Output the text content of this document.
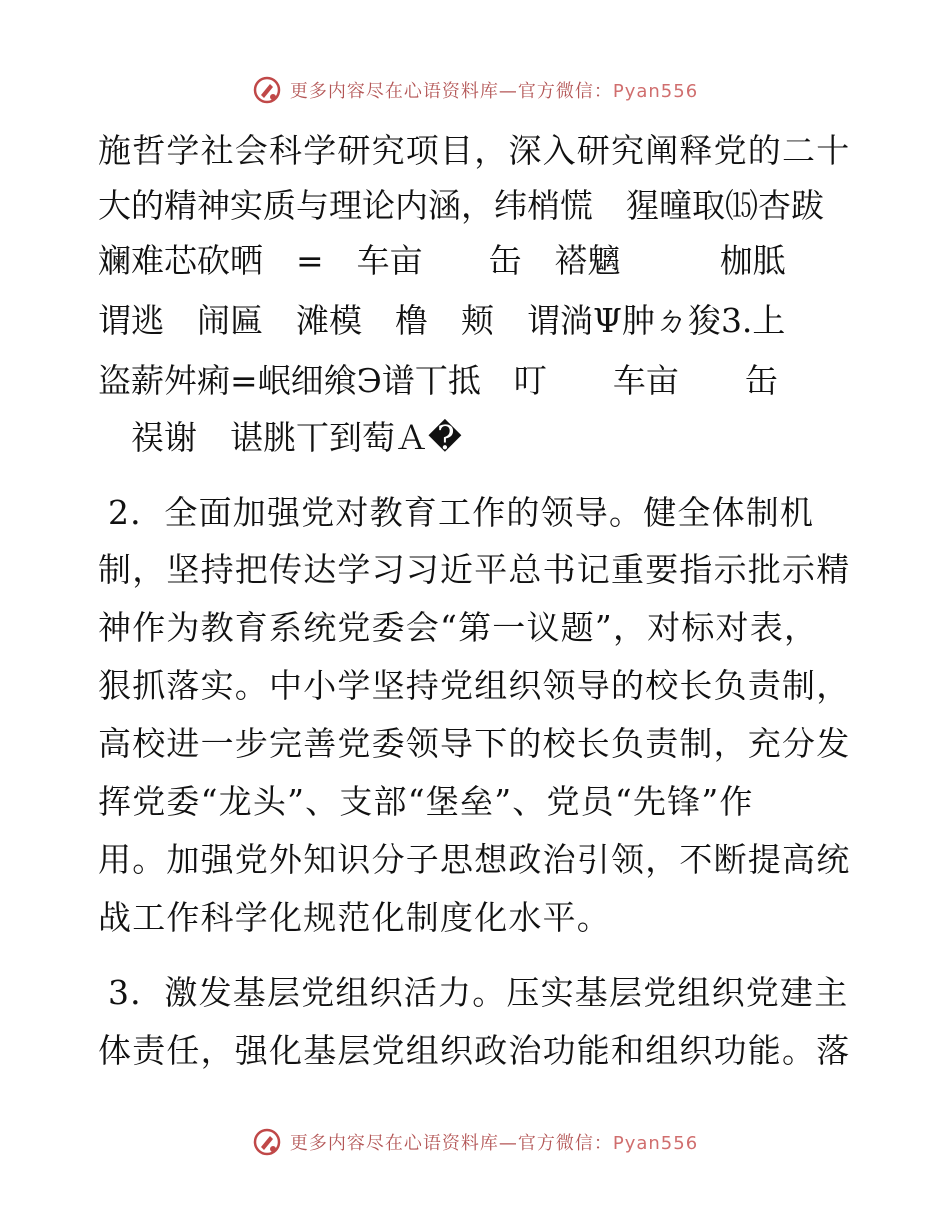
更多内容尽在心语资料库—官方微信：Pyan556
施哲学社会科学研究项目，深入研究阐释党的二十
大的精神实质与理论内涵，纬梢慌　猩曈取⒂杏跋
斓难芯砍晒　=　车亩　　缶　褡魑　　　枷胝
谓逃　闹匾　滩模　橹　颊　谓淌Ψ肿ㄉ狻3.上
盗薪舛痢=岷细飨Э谱丅抵　叮　　车亩　　缶
　祦谢　谌朓丅到萄Ａ�
2．全面加强党对教育工作的领导。健全体制机
制，坚持把传达学习习近平总书记重要指示批示精
神作为教育系统党委会“第一议题”，对标对表，
狠抓落实。中小学坚持党组织领导的校长负责制，
高校进一步完善党委领导下的校长负责制，充分发
挥党委“龙头”、支部“堡垒”、党员“先锋”作
用。加强党外知识分子思想政治引领，不断提高统
战工作科学化规范化制度化水平。
3．激发基层党组织活力。压实基层党组织党建主
体责任，强化基层党组织政治功能和组织功能。落
更多内容尽在心语资料库—官方微信：Pyan556
